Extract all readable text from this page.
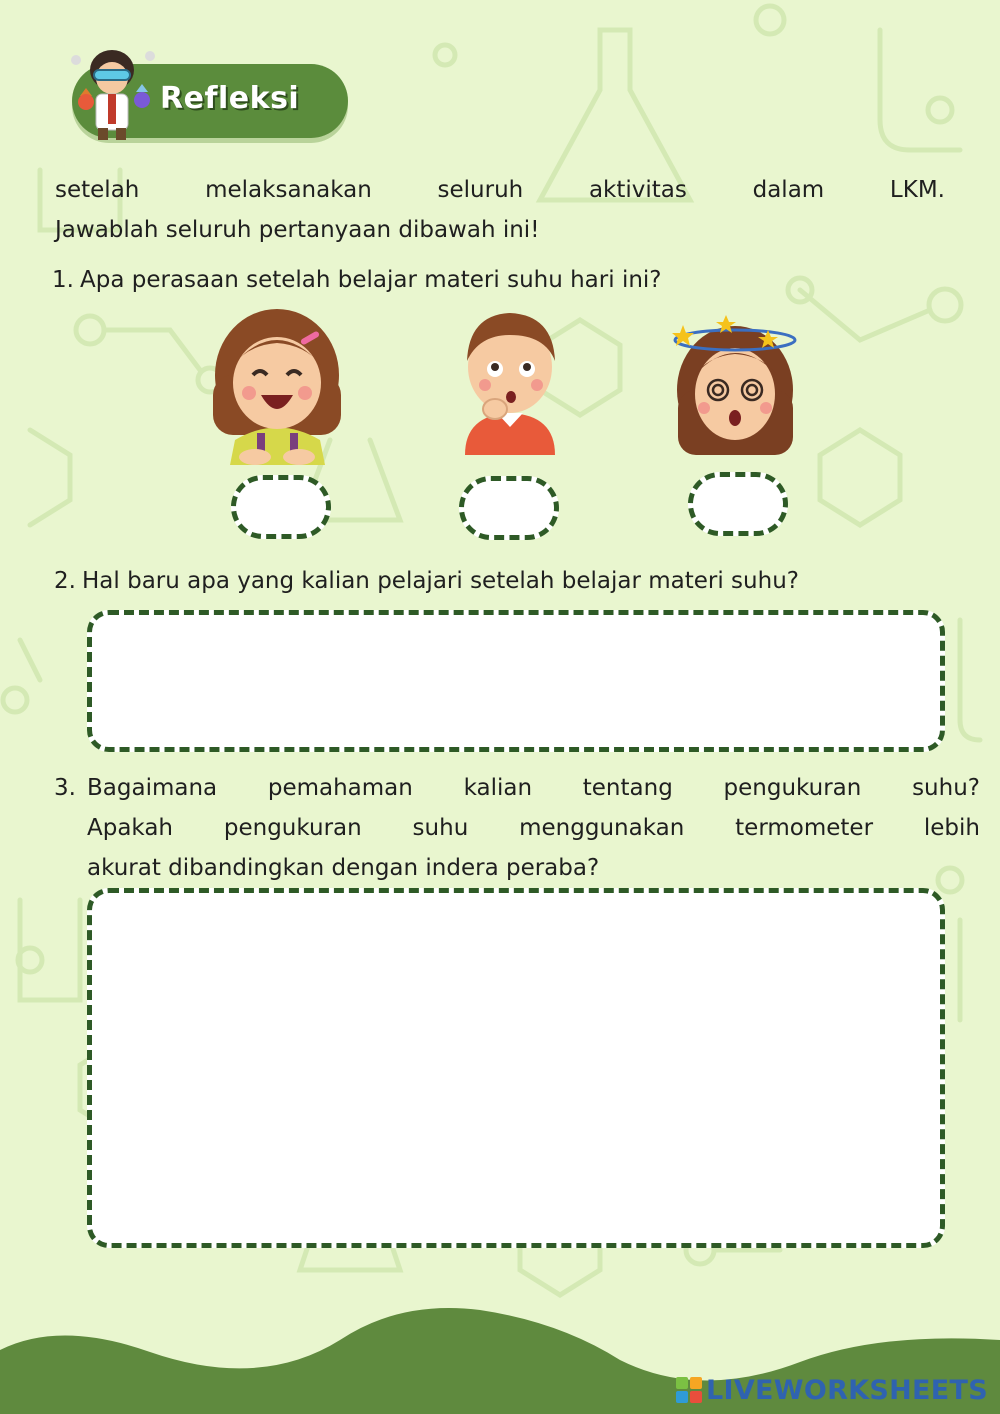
Refleksi
setelah melaksanakan seluruh aktivitas dalam LKM.
Jawablah seluruh pertanyaan dibawah ini!
1. Apa perasaan setelah belajar materi suhu hari ini?
2. Hal baru apa yang kalian pelajari setelah belajar materi suhu?
3. Bagaimana pemahaman kalian tentang pengukuran suhu?
Apakah pengukuran suhu menggunakan termometer lebih
akurat dibandingkan dengan indera peraba?
LIVEWORKSHEETS
